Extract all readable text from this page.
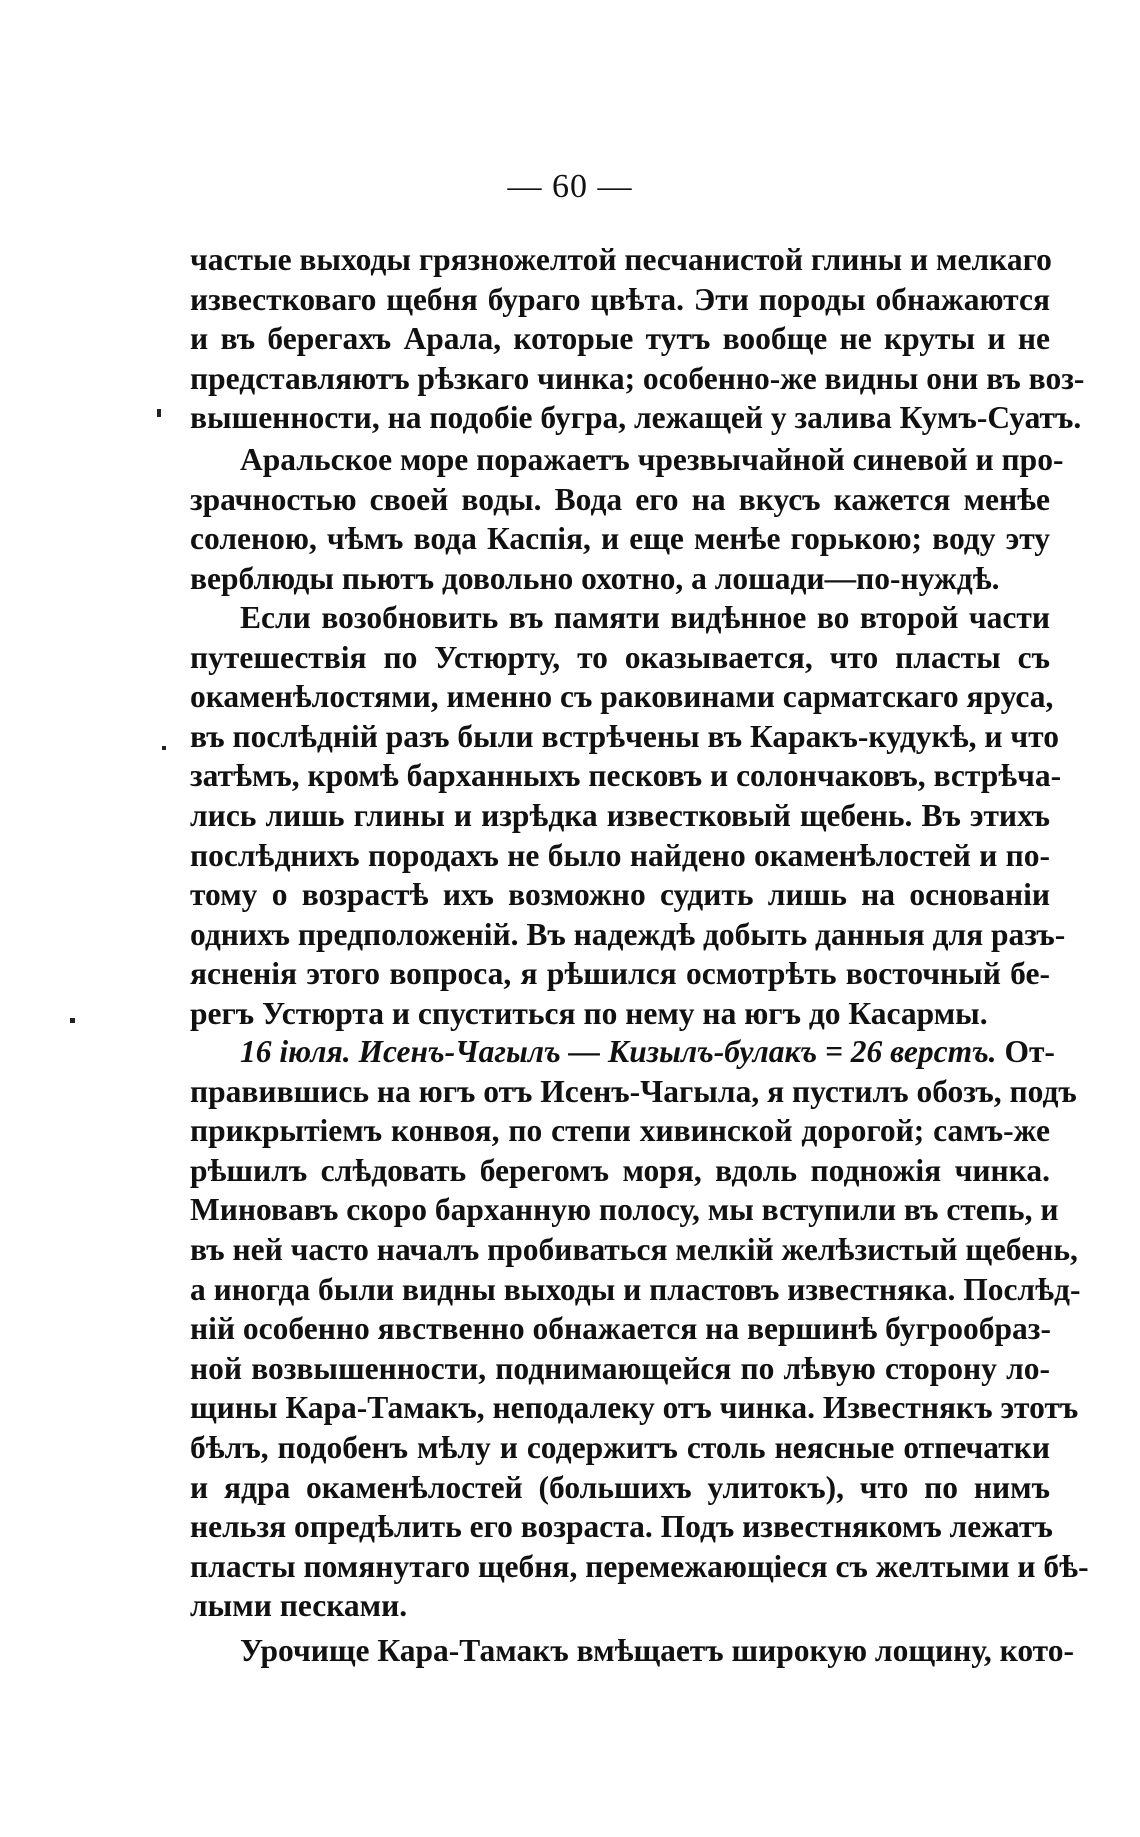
— 60 —
частые выходы грязножелтой песчанистой глины и мелкаго
известковаго щебня бураго цвѣта. Эти породы обнажаются
и въ берегахъ Арала, которые тутъ вообще не круты и не
представляютъ рѣзкаго чинка; особенно-же видны они въ воз-
вышенности, на подобіе бугра, лежащей у залива Кумъ-Суатъ.
Аральское море поражаетъ чрезвычайной синевой и про-
зрачностью своей воды. Вода его на вкусъ кажется менѣе
соленою, чѣмъ вода Каспія, и еще менѣе горькою; воду эту
верблюды пьютъ довольно охотно, а лошади—по-нуждѣ.
Если возобновить въ памяти видѣнное во второй части
путешествія по Устюрту, то оказывается, что пласты съ
окаменѣлостями, именно съ раковинами сарматскаго яруса,
въ послѣдній разъ были встрѣчены въ Каракъ-кудукѣ, и что
затѣмъ, кромѣ барханныхъ песковъ и солончаковъ, встрѣча-
лись лишь глины и изрѣдка известковый щебень. Въ этихъ
послѣднихъ породахъ не было найдено окаменѣлостей и по-
тому о возрастѣ ихъ возможно судить лишь на основаніи
однихъ предположеній. Въ надеждѣ добыть данныя для разъ-
ясненія этого вопроса, я рѣшился осмотрѣть восточный бе-
регъ Устюрта и спуститься по нему на югъ до Касармы.
16 іюля. Исенъ-Чагылъ — Кизылъ-булакъ = 26 верстъ. От-
правившись на югъ отъ Исенъ-Чагыла, я пустилъ обозъ, подъ
прикрытіемъ конвоя, по степи хивинской дорогой; самъ-же
рѣшилъ слѣдовать берегомъ моря, вдоль подножія чинка.
Миновавъ скоро барханную полосу, мы вступили въ степь, и
въ ней часто началъ пробиваться мелкій желѣзистый щебень,
а иногда были видны выходы и пластовъ известняка. Послѣд-
ній особенно явственно обнажается на вершинѣ бугрообраз-
ной возвышенности, поднимающейся по лѣвую сторону ло-
щины Кара-Тамакъ, неподалеку отъ чинка. Известнякъ этотъ
бѣлъ, подобенъ мѣлу и содержитъ столь неясные отпечатки
и ядра окаменѣлостей (большихъ улитокъ), что по нимъ
нельзя опредѣлить его возраста. Подъ известнякомъ лежатъ
пласты помянутаго щебня, перемежающіеся съ желтыми и бѣ-
лыми песками.
Урочище Кара-Тамакъ вмѣщаетъ широкую лощину, кото-
